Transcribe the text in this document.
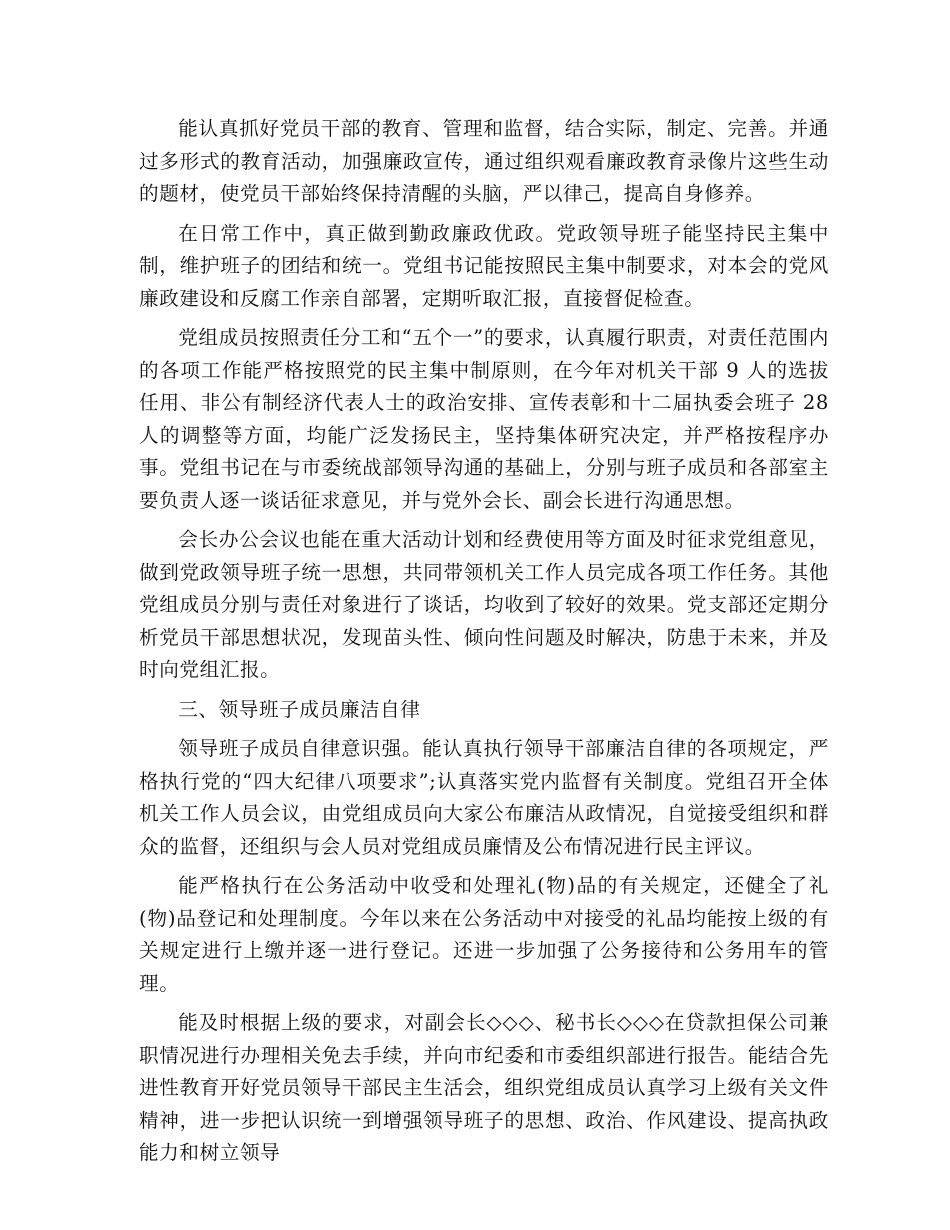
能认真抓好党员干部的教育、管理和监督，结合实际，制定、完善。并通过多形式的教育活动，加强廉政宣传，通过组织观看廉政教育录像片这些生动的题材，使党员干部始终保持清醒的头脑，严以律己，提高自身修养。

在日常工作中，真正做到勤政廉政优政。党政领导班子能坚持民主集中制，维护班子的团结和统一。党组书记能按照民主集中制要求，对本会的党风廉政建设和反腐工作亲自部署，定期听取汇报，直接督促检查。

党组成员按照责任分工和“五个一”的要求，认真履行职责，对责任范围内的各项工作能严格按照党的民主集中制原则，在今年对机关干部 9 人的选拔任用、非公有制经济代表人士的政治安排、宣传表彰和十二届执委会班子 28 人的调整等方面，均能广泛发扬民主，坚持集体研究决定，并严格按程序办事。党组书记在与市委统战部领导沟通的基础上，分别与班子成员和各部室主要负责人逐一谈话征求意见，并与党外会长、副会长进行沟通思想。

会长办公会议也能在重大活动计划和经费使用等方面及时征求党组意见，做到党政领导班子统一思想，共同带领机关工作人员完成各项工作任务。其他党组成员分别与责任对象进行了谈话，均收到了较好的效果。党支部还定期分析党员干部思想状况，发现苗头性、倾向性问题及时解决，防患于未来，并及时向党组汇报。

三、领导班子成员廉洁自律

领导班子成员自律意识强。能认真执行领导干部廉洁自律的各项规定，严格执行党的“四大纪律八项要求”;认真落实党内监督有关制度。党组召开全体机关工作人员会议，由党组成员向大家公布廉洁从政情况，自觉接受组织和群众的监督，还组织与会人员对党组成员廉情及公布情况进行民主评议。

能严格执行在公务活动中收受和处理礼(物)品的有关规定，还健全了礼(物)品登记和处理制度。今年以来在公务活动中对接受的礼品均能按上级的有关规定进行上缴并逐一进行登记。还进一步加强了公务接待和公务用车的管理。

能及时根据上级的要求，对副会长◇◇◇、秘书长◇◇◇在贷款担保公司兼职情况进行办理相关免去手续，并向市纪委和市委组织部进行报告。能结合先进性教育开好党员领导干部民主生活会，组织党组成员认真学习上级有关文件精神，进一步把认识统一到增强领导班子的思想、政治、作风建设、提高执政能力和树立领导
